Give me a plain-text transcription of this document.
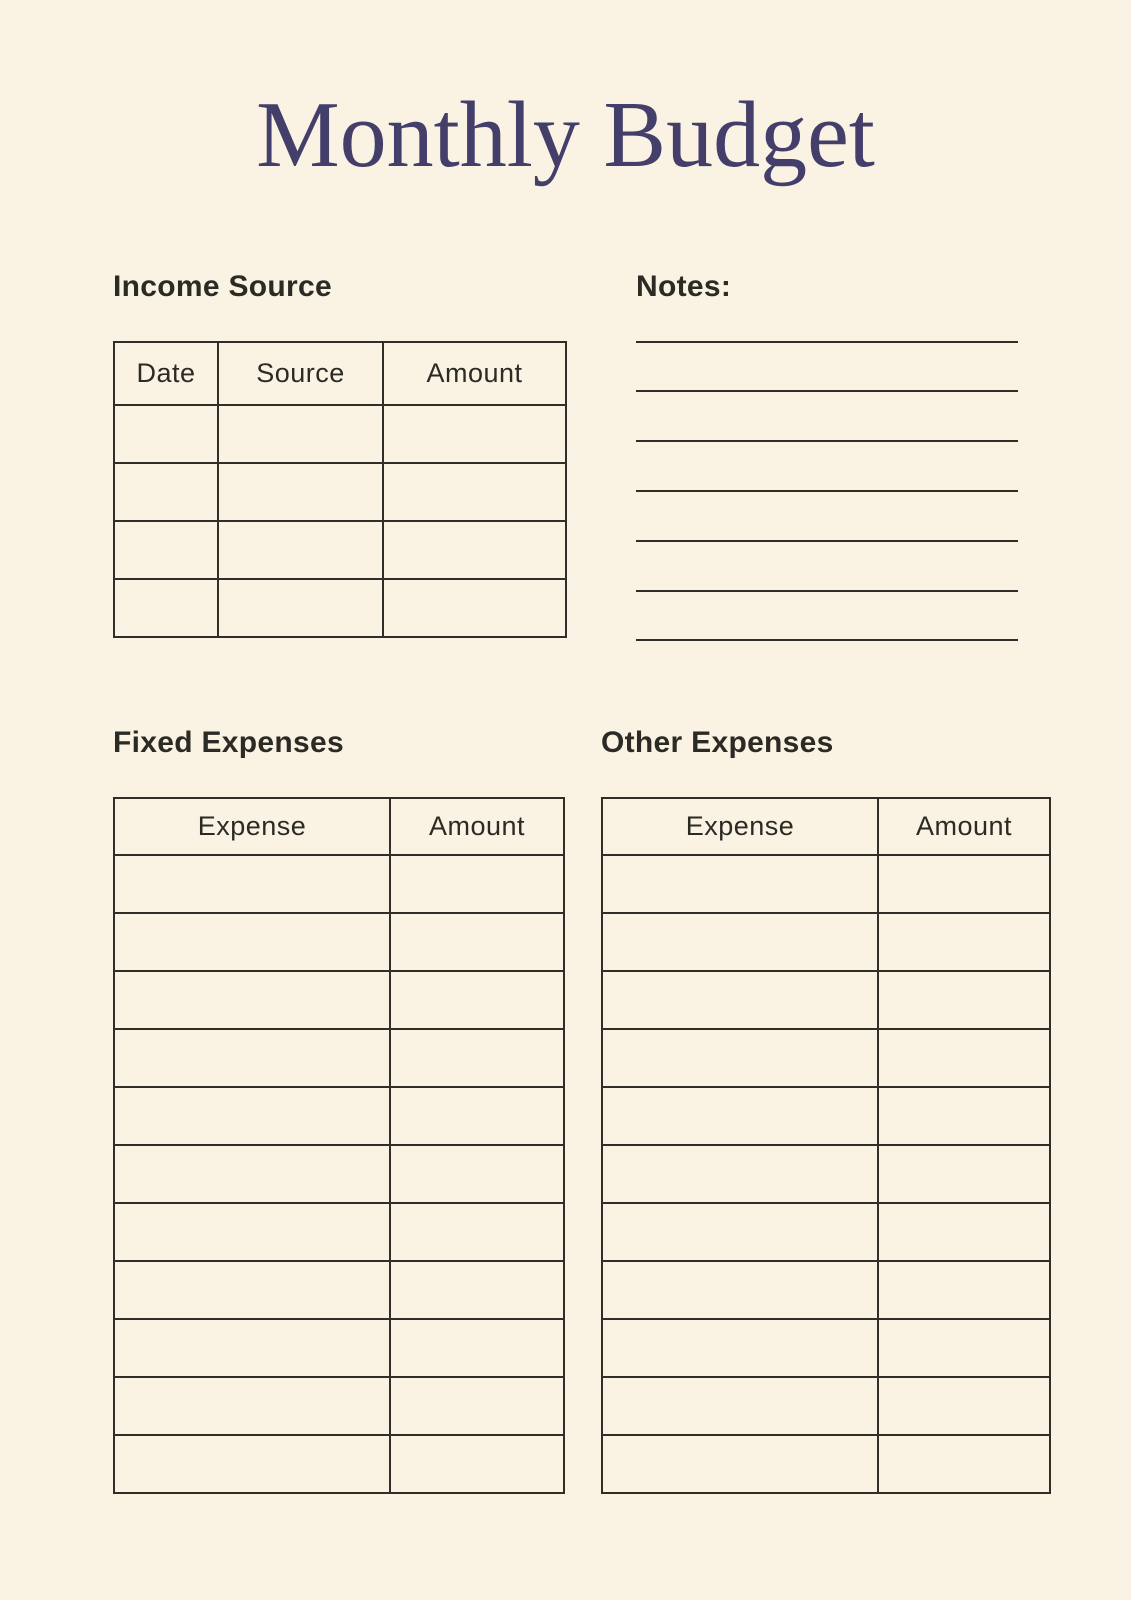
Monthly Budget
Income Source
Date	Source	Amount

Notes:
Fixed Expenses
Expense	Amount

Other Expenses
Expense	Amount
